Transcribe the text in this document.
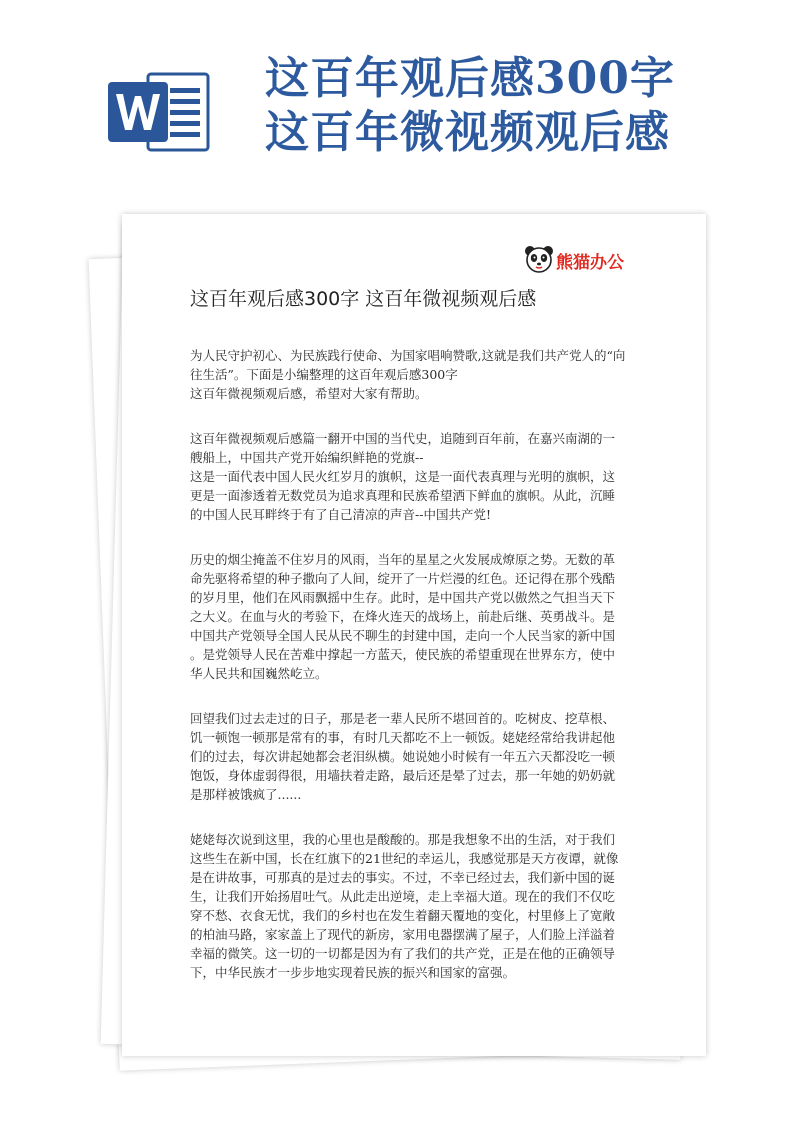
这百年观后感300字
这百年微视频观后感
熊猫办公
这百年观后感300字 这百年微视频观后感

为人民守护初心、为民族践行使命、为国家唱响赞歌,这就是我们共产党人的“向
往生活”。下面是小编整理的这百年观后感300字
这百年微视频观后感，希望对大家有帮助。

这百年微视频观后感篇一翻开中国的当代史，追随到百年前，在嘉兴南湖的一
艘船上，中国共产党开始编织鲜艳的党旗--
这是一面代表中国人民火红岁月的旗帜，这是一面代表真理与光明的旗帜，这
更是一面渗透着无数党员为追求真理和民族希望洒下鲜血的旗帜。从此，沉睡
的中国人民耳畔终于有了自己清凉的声音--中国共产党!

历史的烟尘掩盖不住岁月的风雨，当年的星星之火发展成燎原之势。无数的革
命先驱将希望的种子撒向了人间，绽开了一片烂漫的红色。还记得在那个残酷
的岁月里，他们在风雨飘摇中生存。此时，是中国共产党以傲然之气担当天下
之大义。在血与火的考验下，在烽火连天的战场上，前赴后继、英勇战斗。是
中国共产党领导全国人民从民不聊生的封建中国，走向一个人民当家的新中国
。是党领导人民在苦难中撑起一方蓝天，使民族的希望重现在世界东方，使中
华人民共和国巍然屹立。

回望我们过去走过的日子，那是老一辈人民所不堪回首的。吃树皮、挖草根、
饥一顿饱一顿那是常有的事，有时几天都吃不上一顿饭。姥姥经常给我讲起他
们的过去，每次讲起她都会老泪纵横。她说她小时候有一年五六天都没吃一顿
饱饭，身体虚弱得很，用墙扶着走路，最后还是晕了过去，那一年她的奶奶就
是那样被饿疯了......

姥姥每次说到这里，我的心里也是酸酸的。那是我想象不出的生活，对于我们
这些生在新中国，长在红旗下的21世纪的幸运儿，我感觉那是天方夜谭，就像
是在讲故事，可那真的是过去的事实。不过，不幸已经过去，我们新中国的诞
生，让我们开始扬眉吐气。从此走出逆境，走上幸福大道。现在的我们不仅吃
穿不愁、衣食无忧，我们的乡村也在发生着翻天覆地的变化，村里修上了宽敞
的柏油马路，家家盖上了现代的新房，家用电器摆满了屋子，人们脸上洋溢着
幸福的微笑。这一切的一切都是因为有了我们的共产党，正是在他的正确领导
下，中华民族才一步步地实现着民族的振兴和国家的富强。
